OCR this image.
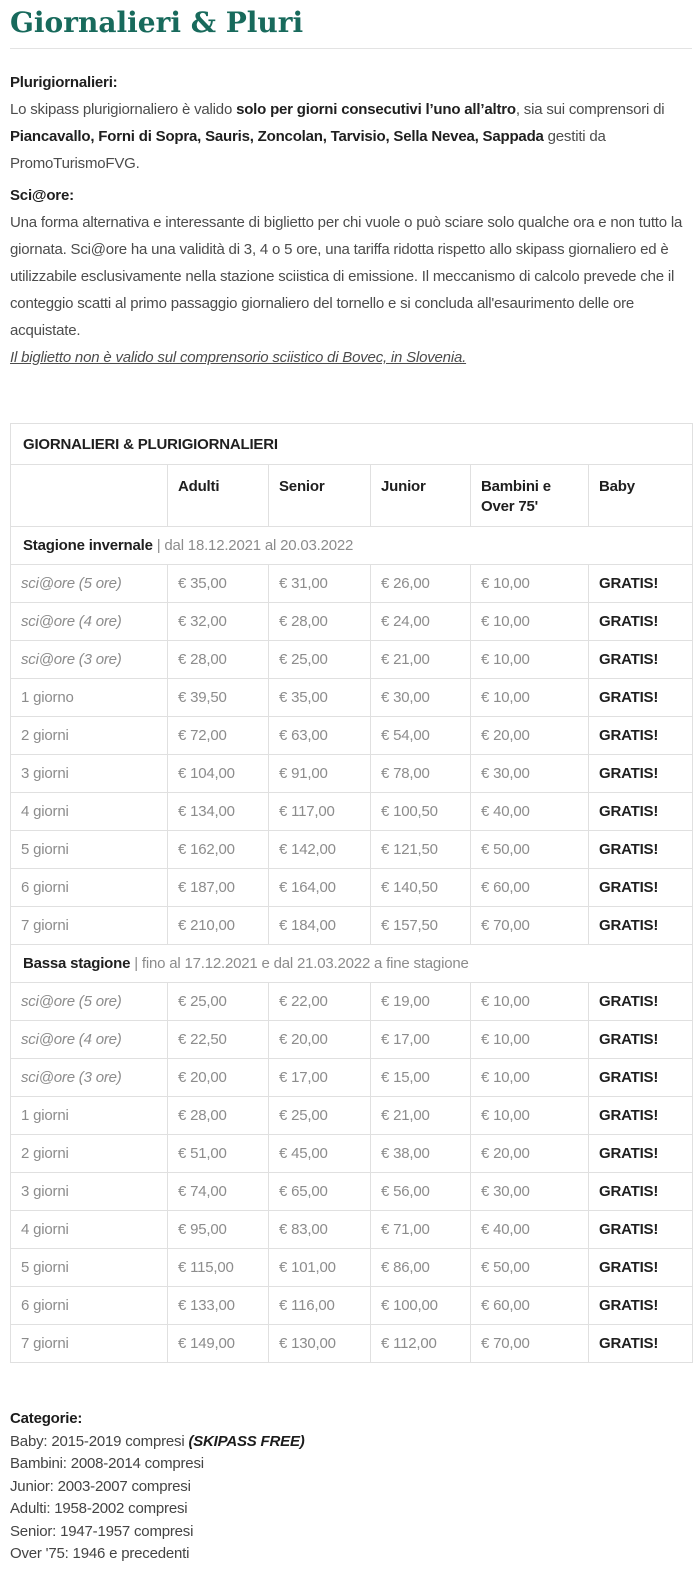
Giornalieri & Pluri

Plurigiornalieri:
Lo skipass plurigiornaliero è valido solo per giorni consecutivi l’uno all’altro, sia sui comprensori di Piancavallo, Forni di Sopra, Sauris, Zoncolan, Tarvisio, Sella Nevea, Sappada gestiti da PromoTurismoFVG.

Sci@ore:
Una forma alternativa e interessante di biglietto per chi vuole o può sciare solo qualche ora e non tutto la giornata. Sci@ore ha una validità di 3, 4 o 5 ore, una tariffa ridotta rispetto allo skipass giornaliero ed è utilizzabile esclusivamente nella stazione sciistica di emissione. Il meccanismo di calcolo prevede che il conteggio scatti al primo passaggio giornaliero del tornello e si concluda all'esaurimento delle ore acquistate.
Il biglietto non è valido sul comprensorio sciistico di Bovec, in Slovenia.

GIORNALIERI & PLURIGIORNALIERI					
	Adulti	Senior	Junior	Bambini e Over 75'	Baby
Stagione invernale | dal 18.12.2021 al 20.03.2022					
sci@ore (5 ore)	€ 35,00	€ 31,00	€ 26,00	€ 10,00	GRATIS!
sci@ore (4 ore)	€ 32,00	€ 28,00	€ 24,00	€ 10,00	GRATIS!
sci@ore (3 ore)	€ 28,00	€ 25,00	€ 21,00	€ 10,00	GRATIS!
1 giorno	€ 39,50	€ 35,00	€ 30,00	€ 10,00	GRATIS!
2 giorni	€ 72,00	€ 63,00	€ 54,00	€ 20,00	GRATIS!
3 giorni	€ 104,00	€ 91,00	€ 78,00	€ 30,00	GRATIS!
4 giorni	€ 134,00	€ 117,00	€ 100,50	€ 40,00	GRATIS!
5 giorni	€ 162,00	€ 142,00	€ 121,50	€ 50,00	GRATIS!
6 giorni	€ 187,00	€ 164,00	€ 140,50	€ 60,00	GRATIS!
7 giorni	€ 210,00	€ 184,00	€ 157,50	€ 70,00	GRATIS!
Bassa stagione | fino al 17.12.2021 e dal 21.03.2022 a fine stagione					
sci@ore (5 ore)	€ 25,00	€ 22,00	€ 19,00	€ 10,00	GRATIS!
sci@ore (4 ore)	€ 22,50	€ 20,00	€ 17,00	€ 10,00	GRATIS!
sci@ore (3 ore)	€ 20,00	€ 17,00	€ 15,00	€ 10,00	GRATIS!
1 giorni	€ 28,00	€ 25,00	€ 21,00	€ 10,00	GRATIS!
2 giorni	€ 51,00	€ 45,00	€ 38,00	€ 20,00	GRATIS!
3 giorni	€ 74,00	€ 65,00	€ 56,00	€ 30,00	GRATIS!
4 giorni	€ 95,00	€ 83,00	€ 71,00	€ 40,00	GRATIS!
5 giorni	€ 115,00	€ 101,00	€ 86,00	€ 50,00	GRATIS!
6 giorni	€ 133,00	€ 116,00	€ 100,00	€ 60,00	GRATIS!
7 giorni	€ 149,00	€ 130,00	€ 112,00	€ 70,00	GRATIS!
Categorie:
Baby: 2015-2019 compresi (SKIPASS FREE)
Bambini: 2008-2014 compresi
Junior: 2003-2007 compresi
Adulti: 1958-2002 compresi
Senior: 1947-1957 compresi
Over '75: 1946 e precedenti
